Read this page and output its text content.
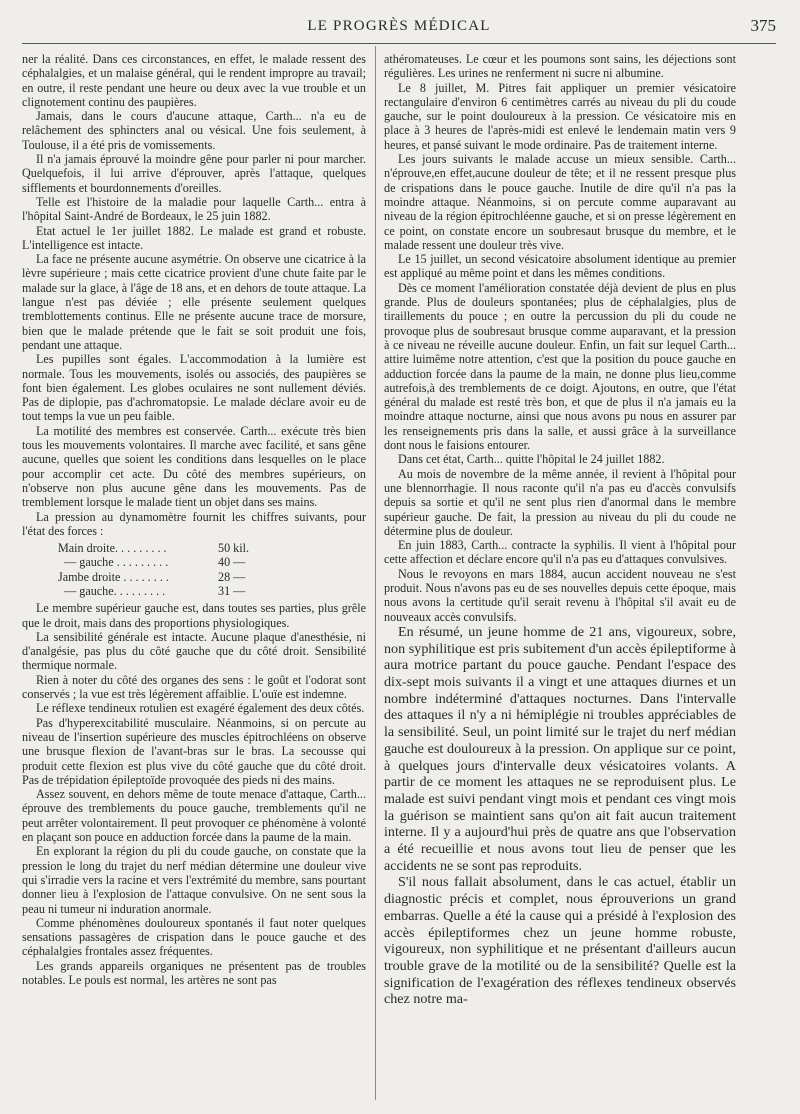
LE PROGRÈS MÉDICAL	375

ner la réalité. Dans ces circonstances, en effet, le malade ressent des céphalalgies, et un malaise général, qui le rendent impropre au travail; en outre, il reste pendant une heure ou deux avec la vue trouble et un clignotement continu des paupières.

Jamais, dans le cours d'aucune attaque, Carth... n'a eu de relâchement des sphincters anal ou vésical. Une fois seulement, à Toulouse, il a été pris de vomissements.

Il n'a jamais éprouvé la moindre gêne pour parler ni pour marcher. Quelquefois, il lui arrive d'éprouver, après l'attaque, quelques sifflements et bourdonnements d'oreilles.

Telle est l'histoire de la maladie pour laquelle Carth... entra à l'hôpital Saint-André de Bordeaux, le 25 juin 1882.

Etat actuel le 1er juillet 1882. Le malade est grand et robuste. L'intelligence est intacte.

La face ne présente aucune asymétrie. On observe une cicatrice à la lèvre supérieure ; mais cette cicatrice provient d'une chute faite par le malade sur la glace, à l'âge de 18 ans, et en dehors de toute attaque. La langue n'est pas déviée ; elle présente seulement quelques tremblottements continus. Elle ne présente aucune trace de morsure, bien que le malade prétende que le fait se soit produit une fois, pendant une attaque.

Les pupilles sont égales. L'accommodation à la lumière est normale. Tous les mouvements, isolés ou associés, des paupières se font bien également. Les globes oculaires ne sont nullement déviés. Pas de diplopie, pas d'achromatopsie. Le malade déclare avoir eu de tout temps la vue un peu faible.

La motilité des membres est conservée. Carth... exécute très bien tous les mouvements volontaires. Il marche avec facilité, et sans gêne aucune, quelles que soient les conditions dans lesquelles on le place pour accomplir cet acte. Du côté des membres supérieurs, on n'observe non plus aucune gêne dans les mouvements. Pas de tremblement lorsque le malade tient un objet dans ses mains.

La pression au dynamomètre fournit les chiffres suivants, pour l'état des forces :

Main droite. . . . . . . . .	50 kil.
— gauche . . . . . . . . .	40 —
Jambe droite . . . . . . . .	28 —
— gauche. . . . . . . . .	31 —

Le membre supérieur gauche est, dans toutes ses parties, plus grêle que le droit, mais dans des proportions physiologiques.

La sensibilité générale est intacte. Aucune plaque d'anesthésie, ni d'analgésie, pas plus du côté gauche que du côté droit. Sensibilité thermique normale.

Rien à noter du côté des organes des sens : le goût et l'odorat sont conservés ; la vue est très légèrement affaiblie. L'ouïe est indemne.

Le réflexe tendineux rotulien est exagéré également des deux côtés.

Pas d'hyperexcitabilité musculaire. Néanmoins, si on percute au niveau de l'insertion supérieure des muscles épitrochléens on observe une brusque flexion de l'avant-bras sur le bras. La secousse qui produit cette flexion est plus vive du côté gauche que du côté droit. Pas de trépidation épileptoïde provoquée des pieds ni des mains.

Assez souvent, en dehors même de toute menace d'attaque, Carth... éprouve des tremblements du pouce gauche, tremblements qu'il ne peut arrêter volontairement. Il peut provoquer ce phénomène à volonté en plaçant son pouce en adduction forcée dans la paume de la main.

En explorant la région du pli du coude gauche, on constate que la pression le long du trajet du nerf médian détermine une douleur vive qui s'irradie vers la racine et vers l'extrémité du membre, sans pourtant donner lieu à l'explosion de l'attaque convulsive. On ne sent sous la peau ni tumeur ni induration anormale.

Comme phénomènes douloureux spontanés il faut noter quelques sensations passagères de crispation dans le pouce gauche et des céphalalgies frontales assez fréquentes.

Les grands appareils organiques ne présentent pas de troubles notables. Le pouls est normal, les artères ne sont pas

athéromateuses. Le cœur et les poumons sont sains, les déjections sont régulières. Les urines ne renferment ni sucre ni albumine.

Le 8 juillet, M. Pitres fait appliquer un premier vésicatoire rectangulaire d'environ 6 centimètres carrés au niveau du pli du coude gauche, sur le point douloureux à la pression. Ce vésicatoire mis en place à 3 heures de l'après-midi est enlevé le lendemain matin vers 9 heures, et pansé suivant le mode ordinaire. Pas de traitement interne.

Les jours suivants le malade accuse un mieux sensible. Carth... n'éprouve,en effet,aucune douleur de tête; et il ne ressent presque plus de crispations dans le pouce gauche. Inutile de dire qu'il n'a pas la moindre attaque. Néanmoins, si on percute comme auparavant au niveau de la région épitrochléenne gauche, et si on presse légèrement en ce point, on constate encore un soubresaut brusque du membre, et le malade ressent une douleur très vive.

Le 15 juillet, un second vésicatoire absolument identique au premier est appliqué au même point et dans les mêmes conditions.

Dès ce moment l'amélioration constatée déjà devient de plus en plus grande. Plus de douleurs spontanées; plus de céphalalgies, plus de tiraillements du pouce ; en outre la percussion du pli du coude ne provoque plus de soubresaut brusque comme auparavant, et la pression à ce niveau ne réveille aucune douleur. Enfin, un fait sur lequel Carth... attire luimême notre attention, c'est que la position du pouce gauche en adduction forcée dans la paume de la main, ne donne plus lieu,comme autrefois,à des tremblements de ce doigt. Ajoutons, en outre, que l'état général du malade est resté très bon, et que de plus il n'a jamais eu la moindre attaque nocturne, ainsi que nous avons pu nous en assurer par les renseignements pris dans la salle, et aussi grâce à la surveillance dont nous le faisions entourer.

Dans cet état, Carth... quitte l'hôpital le 24 juillet 1882.

Au mois de novembre de la même année, il revient à l'hôpital pour une blennorrhagie. Il nous raconte qu'il n'a pas eu d'accès convulsifs depuis sa sortie et qu'il ne sent plus rien d'anormal dans le membre supérieur gauche. De fait, la pression au niveau du pli du coude ne détermine plus de douleur.

En juin 1883, Carth... contracte la syphilis. Il vient à l'hôpital pour cette affection et déclare encore qu'il n'a pas eu d'attaques convulsives.

Nous le revoyons en mars 1884, aucun accident nouveau ne s'est produit. Nous n'avons pas eu de ses nouvelles depuis cette époque, mais nous avons la certitude qu'il serait revenu à l'hôpital s'il avait eu de nouveaux accès convulsifs.

En résumé, un jeune homme de 21 ans, vigoureux, sobre, non syphilitique est pris subitement d'un accès épileptiforme à aura motrice partant du pouce gauche. Pendant l'espace des dix-sept mois suivants il a vingt et une attaques diurnes et un nombre indéterminé d'attaques nocturnes. Dans l'intervalle des attaques il n'y a ni hémiplégie ni troubles appréciables de la sensibilité. Seul, un point limité sur le trajet du nerf médian gauche est douloureux à la pression. On applique sur ce point, à quelques jours d'intervalle deux vésicatoires volants. A partir de ce moment les attaques ne se reproduisent plus. Le malade est suivi pendant vingt mois et pendant ces vingt mois la guérison se maintient sans qu'on ait fait aucun traitement interne. Il y a aujourd'hui près de quatre ans que l'observation a été recueillie et nous avons tout lieu de penser que les accidents ne se sont pas reproduits.

S'il nous fallait absolument, dans le cas actuel, établir un diagnostic précis et complet, nous éprouverions un grand embarras. Quelle a été la cause qui a présidé à l'explosion des accès épileptiformes chez un jeune homme robuste, vigoureux, non syphilitique et ne présentant d'ailleurs aucun trouble grave de la motilité ou de la sensibilité? Quelle est la signification de l'exagération des réflexes tendineux observés chez notre ma-
